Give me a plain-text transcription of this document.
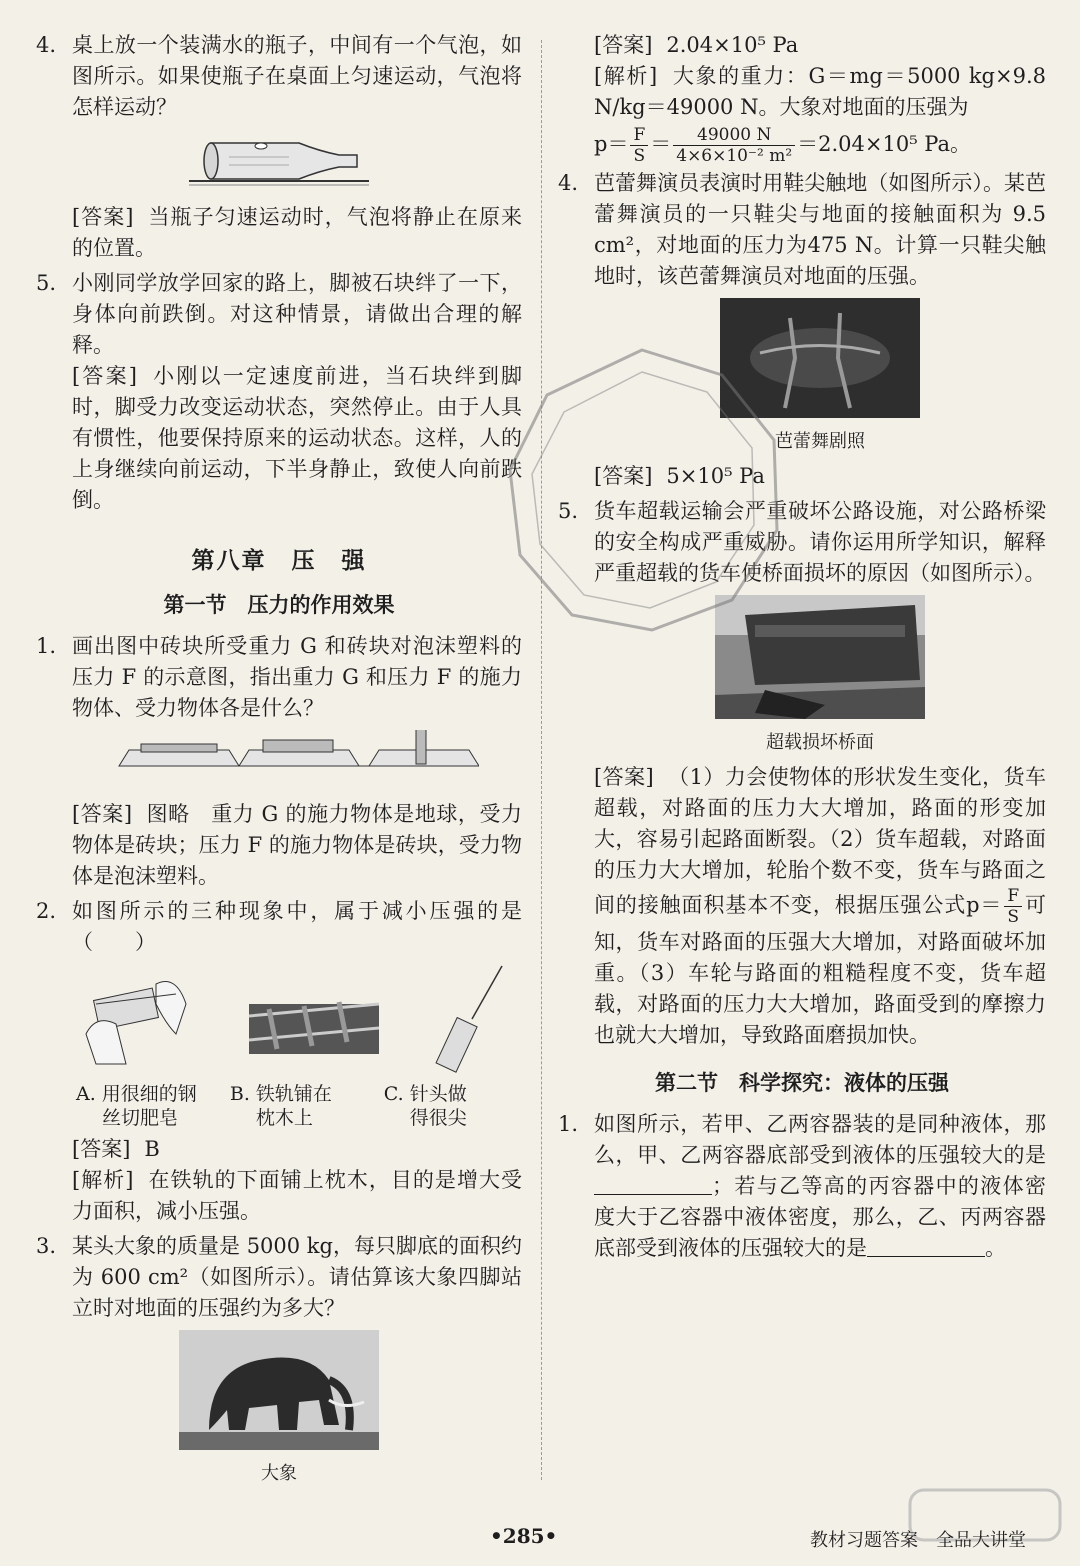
4. 桌上放一个装满水的瓶子，中间有一个气泡，如图所示。如果使瓶子在桌面上匀速运动，气泡将怎样运动？
[答案] 当瓶子匀速运动时，气泡将静止在原来的位置。
5. 小刚同学放学回家的路上，脚被石块绊了一下，身体向前跌倒。对这种情景，请做出合理的解释。
[答案] 小刚以一定速度前进，当石块绊到脚时，脚受力改变运动状态，突然停止。由于人具有惯性，他要保持原来的运动状态。这样，人的上身继续向前运动，下半身静止，致使人向前跌倒。
第八章　压　强
第一节　压力的作用效果
1. 画出图中砖块所受重力 G 和砖块对泡沫塑料的压力 F 的示意图，指出重力 G 和压力 F 的施力物体、受力物体各是什么？
[答案] 图略　重力 G 的施力物体是地球，受力物体是砖块；压力 F 的施力物体是砖块，受力物体是泡沫塑料。
2. 如图所示的三种现象中，属于减小压强的是（　　）
A. 用很细的钢
丝切肥皂
B. 铁轨铺在
枕木上
C. 针头做
得很尖
[答案] B
[解析] 在铁轨的下面铺上枕木，目的是增大受力面积，减小压强。
3. 某头大象的质量是 5000 kg，每只脚底的面积约为 600 cm²（如图所示）。请估算该大象四脚站立时对地面的压强约为多大？
大象
[答案] 2.04×10⁵ Pa
[解析] 大象的重力：G＝mg＝5000 kg×9.8 N/kg＝49000 N。大象对地面的压强为
$p= \frac{F}{S} = \frac{49000 N}{\text{4×6×10⁻² m²}} =2.04\times 10^5$ Pa。
4. 芭蕾舞演员表演时用鞋尖触地（如图所示）。某芭蕾舞演员的一只鞋尖与地面的接触面积为 9.5 cm²，对地面的压力为475 N。计算一只鞋尖触地时，该芭蕾舞演员对地面的压强。
芭蕾舞剧照
[答案] 5×10⁵ Pa
5. 货车超载运输会严重破坏公路设施，对公路桥梁的安全构成严重威胁。请你运用所学知识，解释严重超载的货车使桥面损坏的原因（如图所示）。
超载损坏桥面
[答案] （1）力会使物体的形状发生变化，货车超载，对路面的压力大大增加，路面的形变加大，容易引起路面断裂。（2）货车超载，对路面的压力大大增加，轮胎个数不变，货车与路面之间的接触面积基本不变，根据压强公式$p= \frac{F}{S}$ 可知，货车对路面的压强大大增加，对路面破坏加重。（3）车轮与路面的粗糙程度不变，货车超载，对路面的压力大大增加，路面受到的摩擦力也就大大增加，导致路面磨损加快。
第二节　科学探究：液体的压强
1. 如图所示，若甲、乙两容器装的是同种液体，那么，甲、乙两容器底部受到液体的压强较大的是；若与乙等高的丙容器中的液体密度大于乙容器中液体密度，那么，乙、丙两容器底部受到液体的压强较大的是	。
•285•	教材习题答案　全品大讲堂
